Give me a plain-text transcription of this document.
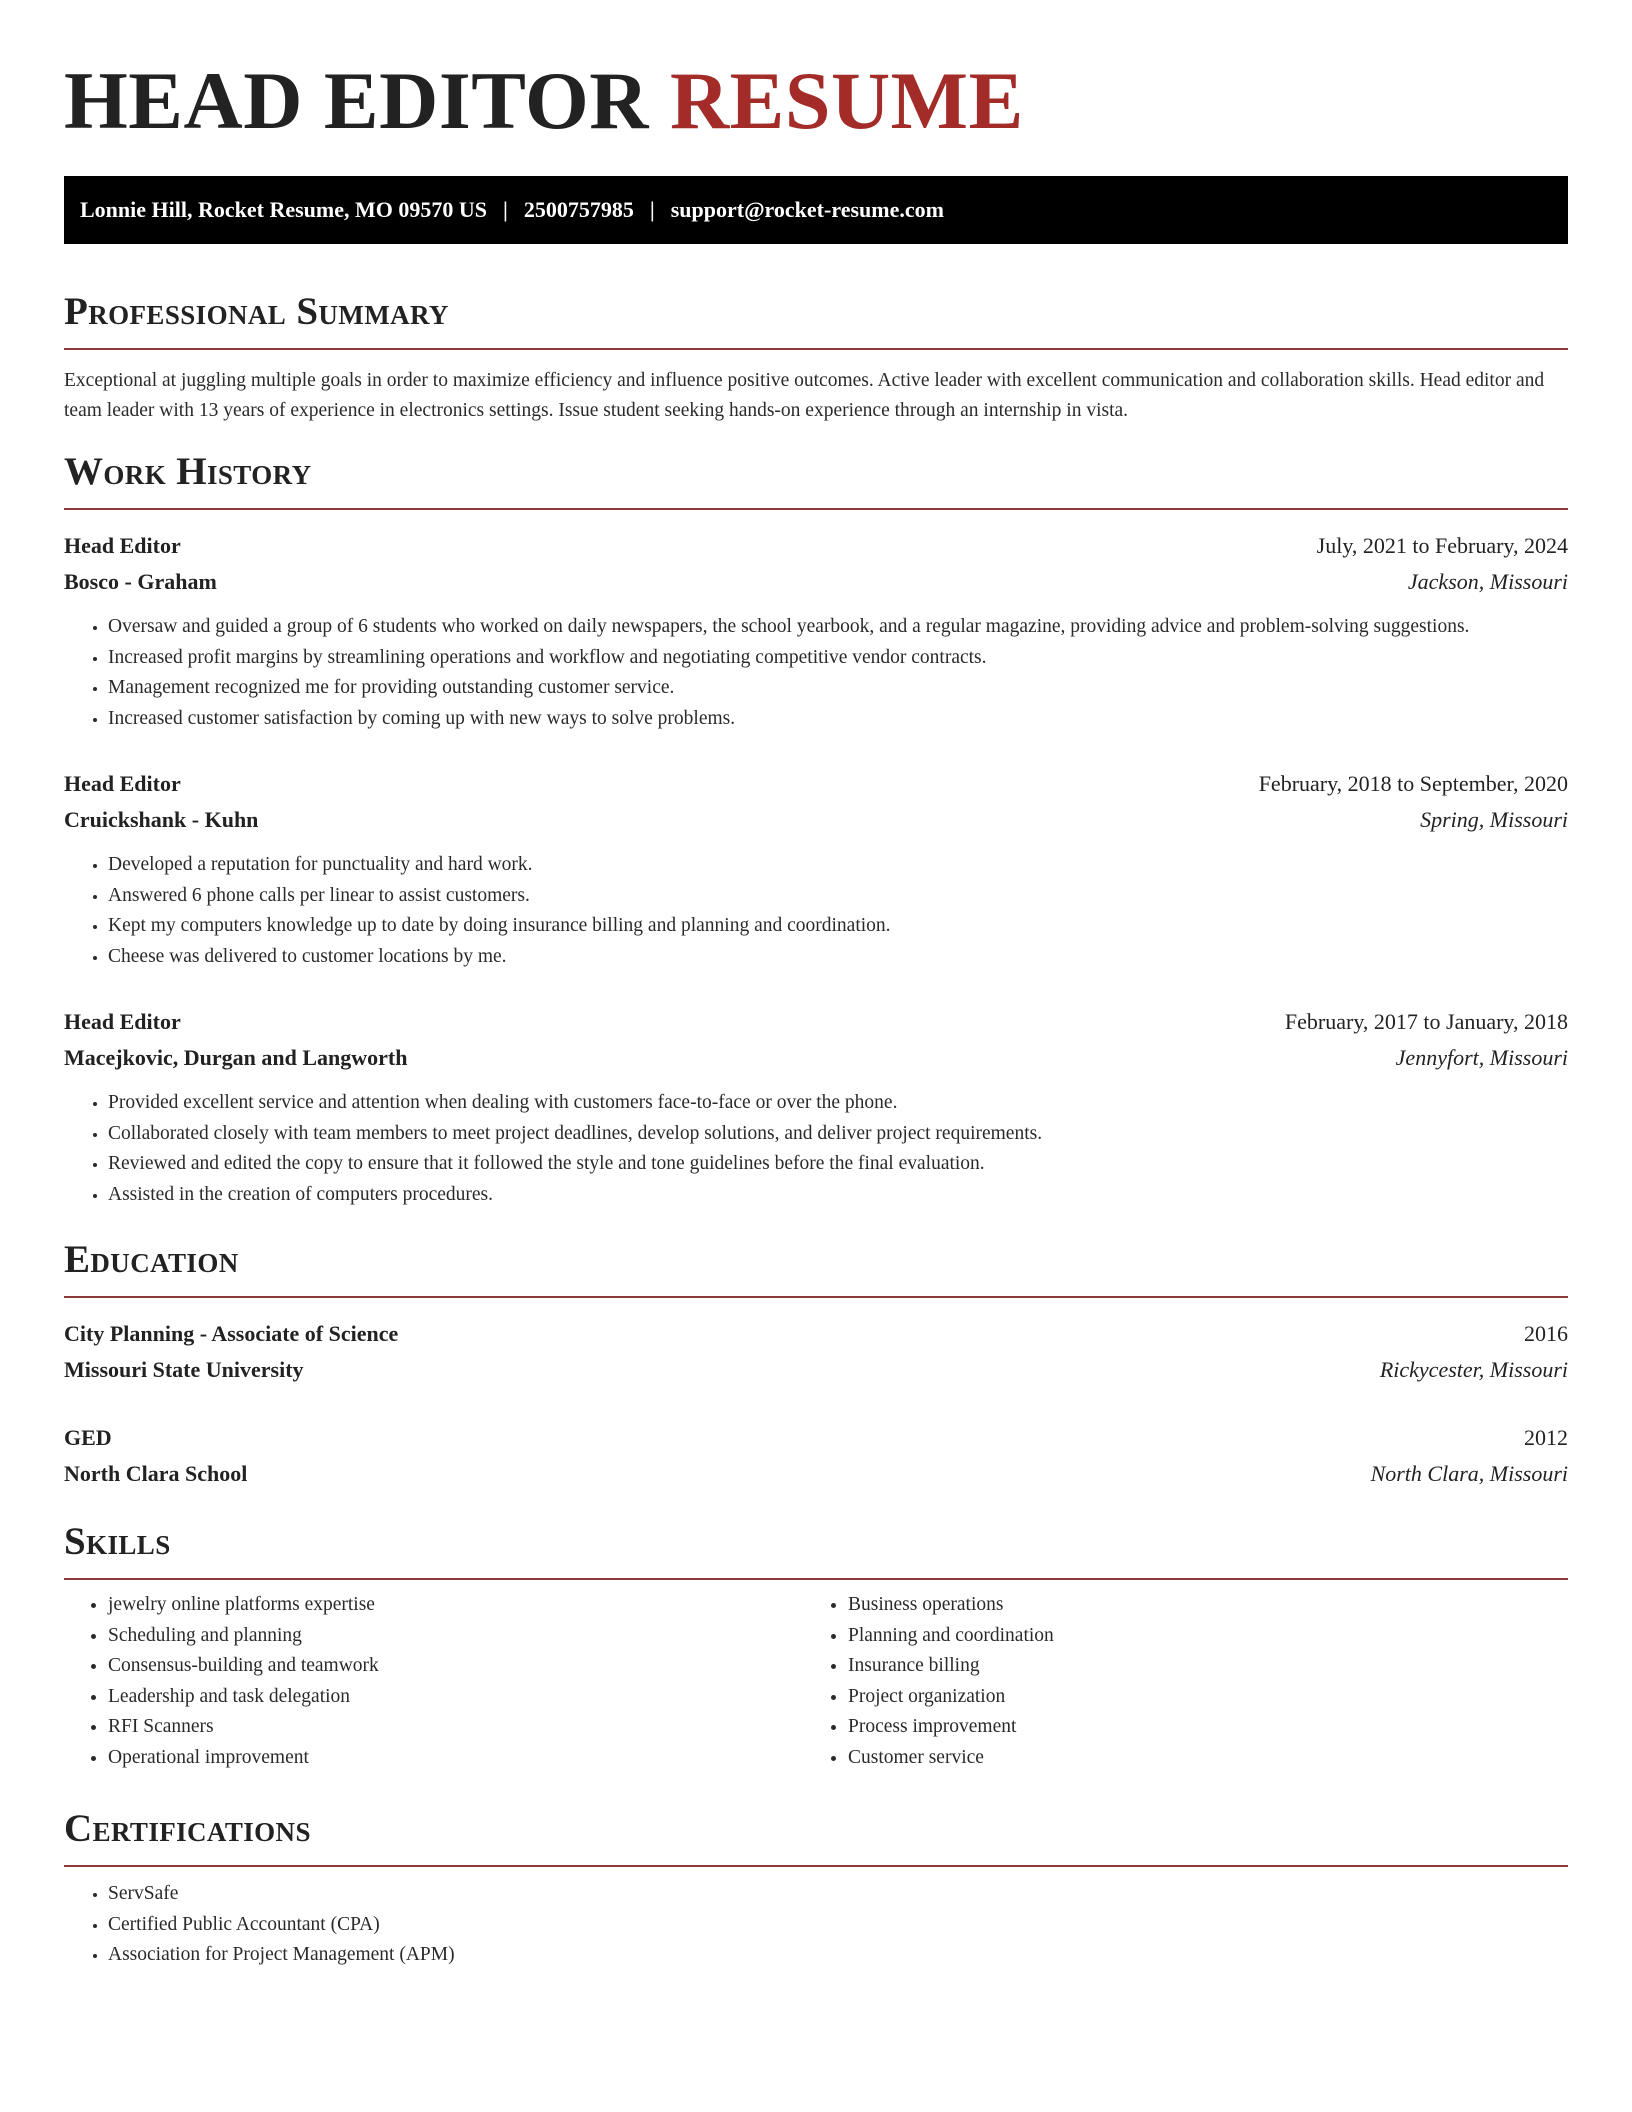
HEAD EDITOR RESUME
Lonnie Hill, Rocket Resume, MO 09570 US | 2500757985 | support@rocket-resume.com
Professional Summary

Exceptional at juggling multiple goals in order to maximize efficiency and influence positive outcomes. Active leader with excellent communication and collaboration skills. Head editor and team leader with 13 years of experience in electronics settings. Issue student seeking hands-on experience through an internship in vista.

Work History
Head Editor	July, 2021 to February, 2024
Bosco - Graham	Jackson, Missouri
• Oversaw and guided a group of 6 students who worked on daily newspapers, the school yearbook, and a regular magazine, providing advice and problem-solving suggestions.
• Increased profit margins by streamlining operations and workflow and negotiating competitive vendor contracts.
• Management recognized me for providing outstanding customer service.
• Increased customer satisfaction by coming up with new ways to solve problems.
Head Editor	February, 2018 to September, 2020
Cruickshank - Kuhn	Spring, Missouri
• Developed a reputation for punctuality and hard work.
• Answered 6 phone calls per linear to assist customers.
• Kept my computers knowledge up to date by doing insurance billing and planning and coordination.
• Cheese was delivered to customer locations by me.
Head Editor	February, 2017 to January, 2018
Macejkovic, Durgan and Langworth	Jennyfort, Missouri
• Provided excellent service and attention when dealing with customers face-to-face or over the phone.
• Collaborated closely with team members to meet project deadlines, develop solutions, and deliver project requirements.
• Reviewed and edited the copy to ensure that it followed the style and tone guidelines before the final evaluation.
• Assisted in the creation of computers procedures.
Education
City Planning - Associate of Science	2016
Missouri State University	Rickycester, Missouri
GED	2012
North Clara School	North Clara, Missouri
Skills
• jewelry online platforms expertise
• Scheduling and planning
• Consensus-building and teamwork
• Leadership and task delegation
• RFI Scanners
• Operational improvement
• Business operations
• Planning and coordination
• Insurance billing
• Project organization
• Process improvement
• Customer service
Certifications
• ServSafe
• Certified Public Accountant (CPA)
• Association for Project Management (APM)
